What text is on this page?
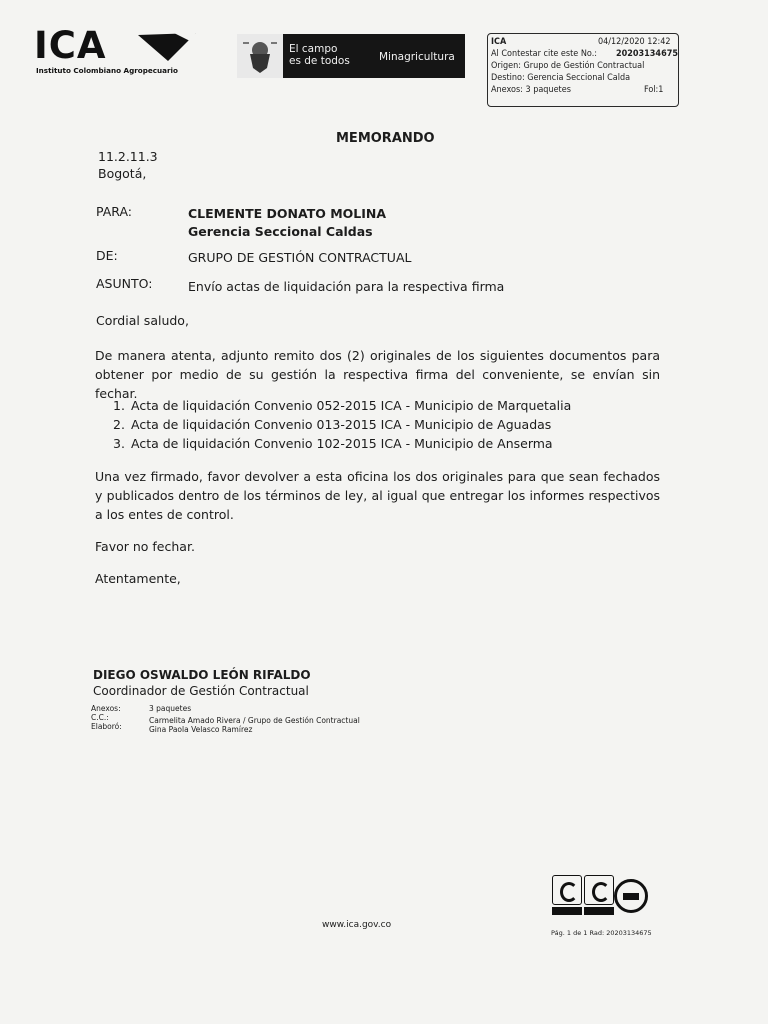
ICA
Instituto Colombiano Agropecuario
El campo
es de todos	Minagricultura
ICA	04/12/2020 12:42
Al Contestar cite este No.: 20203134675
Origen: Grupo de Gestión Contractual
Destino: Gerencia Seccional Calda
Anexos: 3 paquetes	Fol:1
MEMORANDO
11.2.11.3
Bogotá,
PARA:	CLEMENTE DONATO MOLINA
Gerencia Seccional Caldas
DE:	GRUPO DE GESTIÓN CONTRACTUAL
ASUNTO:	Envío actas de liquidación para la respectiva firma
Cordial saludo,
De manera atenta, adjunto remito dos (2) originales de los siguientes documentos para obtener por medio de su gestión la respectiva firma del conveniente, se envían sin fechar.
1. Acta de liquidación Convenio 052-2015 ICA - Municipio de Marquetalia
2. Acta de liquidación Convenio 013-2015 ICA - Municipio de Aguadas
3. Acta de liquidación Convenio 102-2015 ICA - Municipio de Anserma
Una vez firmado, favor devolver a esta oficina los dos originales para que sean fechados y publicados dentro de los términos de ley, al igual que entregar los informes respectivos a los entes de control.
Favor no fechar.
Atentamente,
DIEGO OSWALDO LEÓN RIFALDO
Coordinador de Gestión Contractual
Anexos:	3 paquetes
C.C.:	Carmelita Amado Rivera / Grupo de Gestión Contractual
Elaboró:	Gina Paola Velasco Ramírez
www.ica.gov.co
Pág. 1 de 1 Rad: 20203134675
